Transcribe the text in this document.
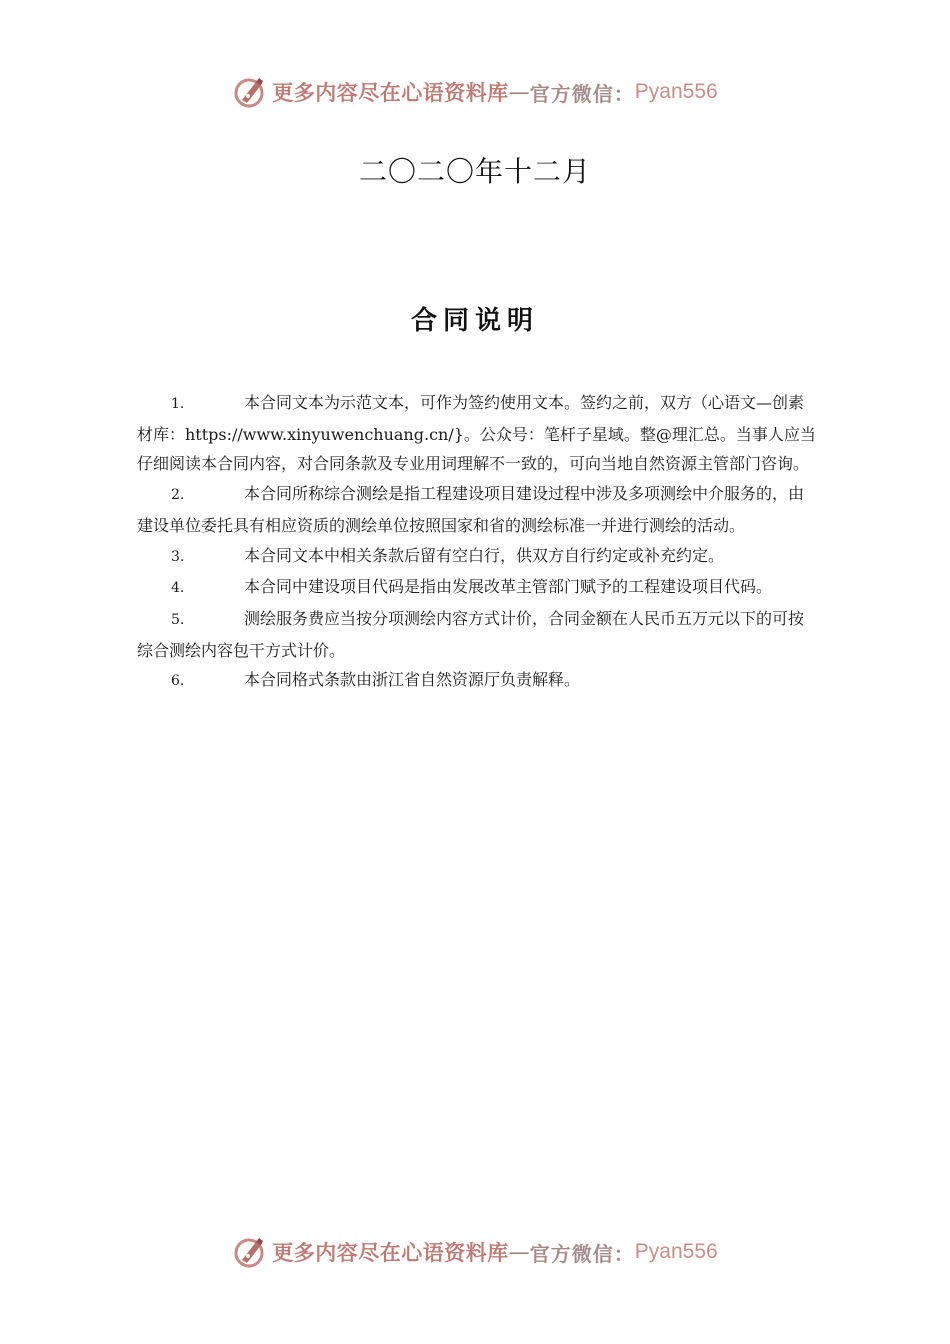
更多内容尽在心语资料库 — 官方微信： Pyan556
二〇二〇年十二月
合同说明

1.	本合同文本为示范文本，可作为签约使用文本。签约之前，双方（心语文—创素材库：https://www.xinyuwenchuang.cn/}。公众号：笔杆子星域。整@理汇总。当事人应当仔细阅读本合同内容，对合同条款及专业用词理解不一致的，可向当地自然资源主管部门咨询。

2.	本合同所称综合测绘是指工程建设项目建设过程中涉及多项测绘中介服务的，由建设单位委托具有相应资质的测绘单位按照国家和省的测绘标准一并进行测绘的活动。

3.	本合同文本中相关条款后留有空白行，供双方自行约定或补充约定。

4.	本合同中建设项目代码是指由发展改革主管部门赋予的工程建设项目代码。

5.	测绘服务费应当按分项测绘内容方式计价，合同金额在人民币五万元以下的可按综合测绘内容包干方式计价。

6.	本合同格式条款由浙江省自然资源厅负责解释。

更多内容尽在心语资料库 — 官方微信： Pyan556
